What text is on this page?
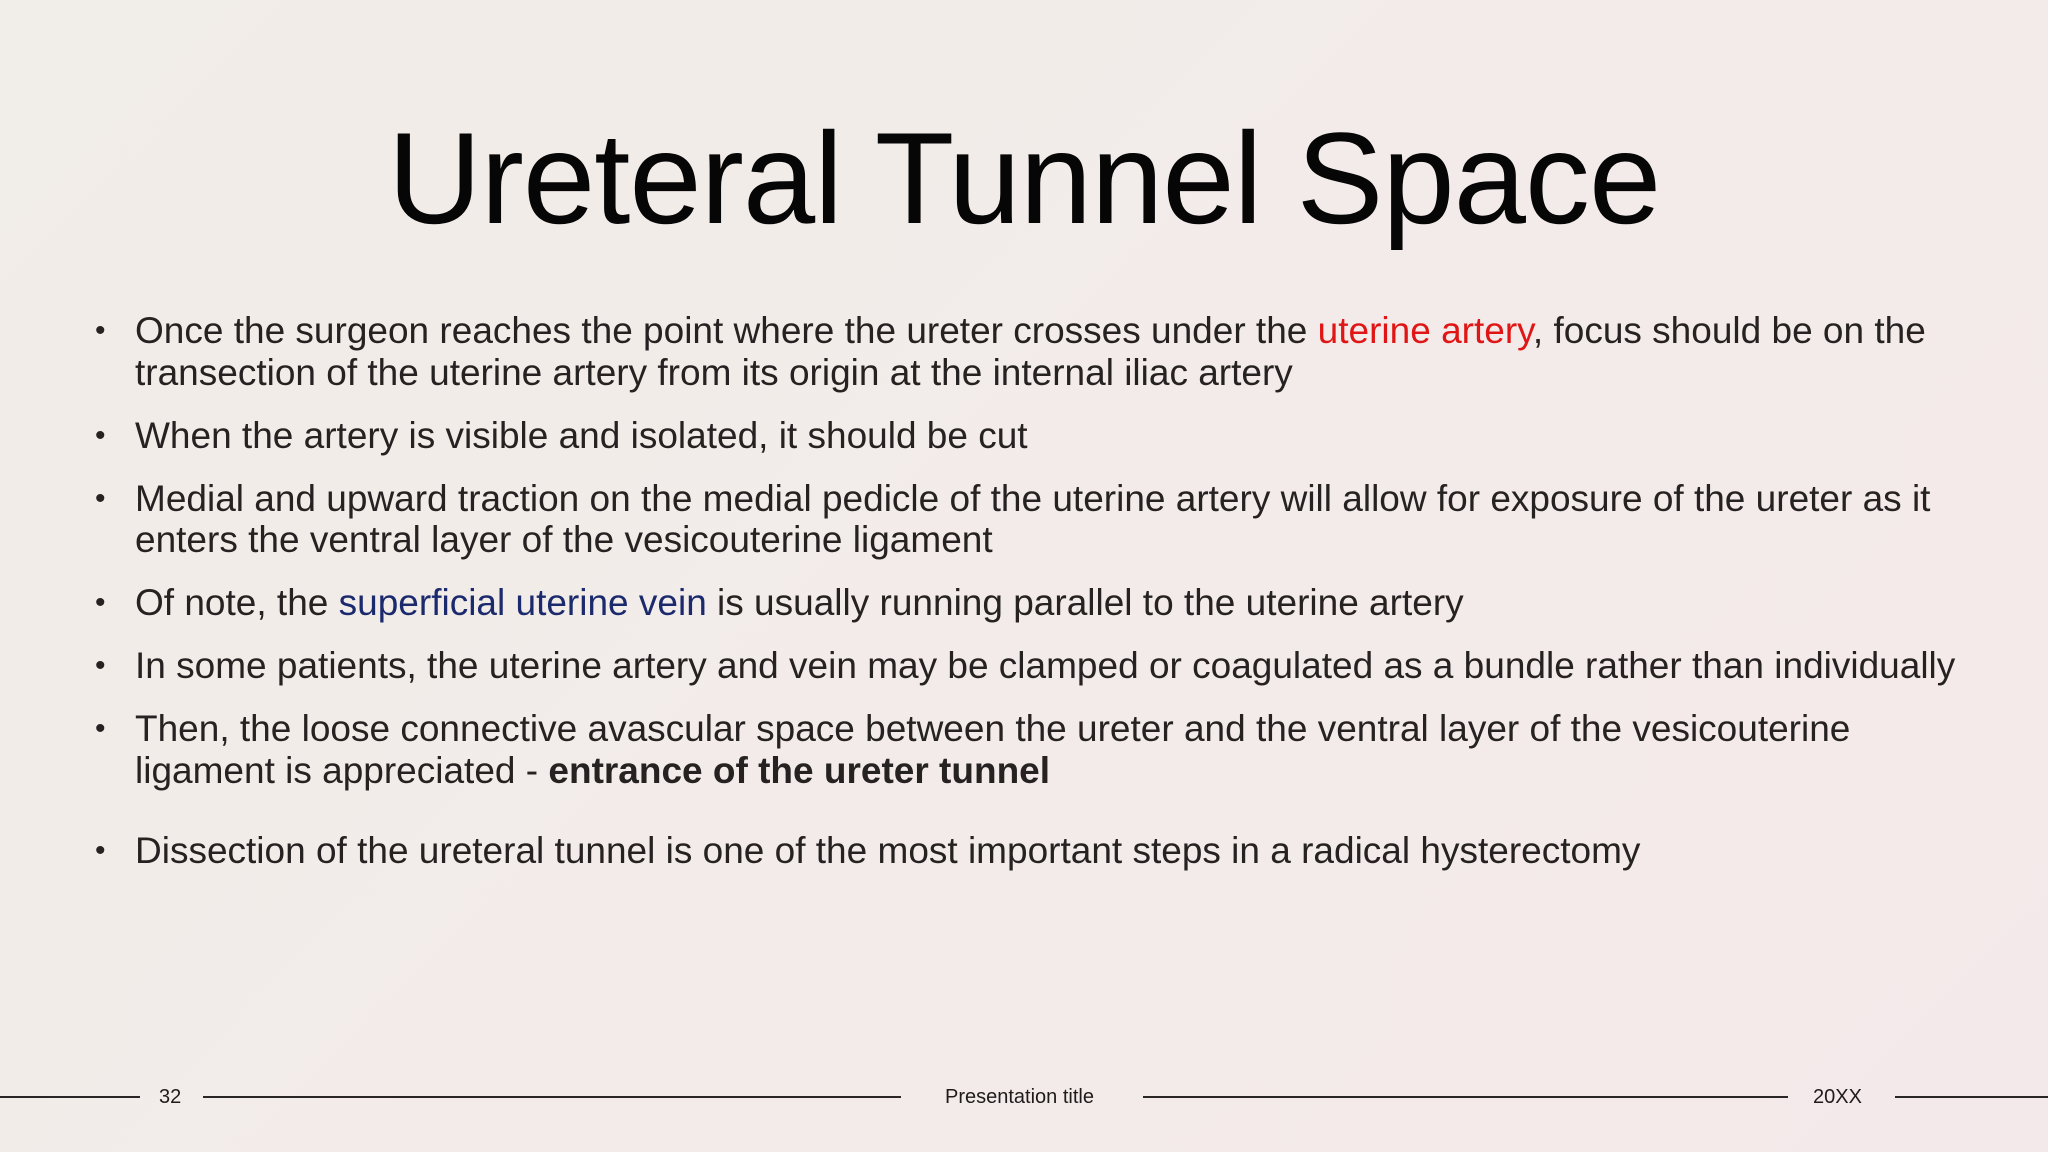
Ureteral Tunnel Space
• Once the surgeon reaches the point where the ureter crosses under the uterine artery, focus should be on the transection of the uterine artery from its origin at the internal iliac artery
• When the artery is visible and isolated, it should be cut
• Medial and upward traction on the medial pedicle of the uterine artery will allow for exposure of the ureter as it enters the ventral layer of the vesicouterine ligament
• Of note, the superficial uterine vein is usually running parallel to the uterine artery
• In some patients, the uterine artery and vein may be clamped or coagulated as a bundle rather than individually
• Then, the loose connective avascular space between the ureter and the ventral layer of the vesicouterine ligament is appreciated - entrance of the ureter tunnel
• Dissection of the ureteral tunnel is one of the most important steps in a radical hysterectomy
32	Presentation title	20XX
